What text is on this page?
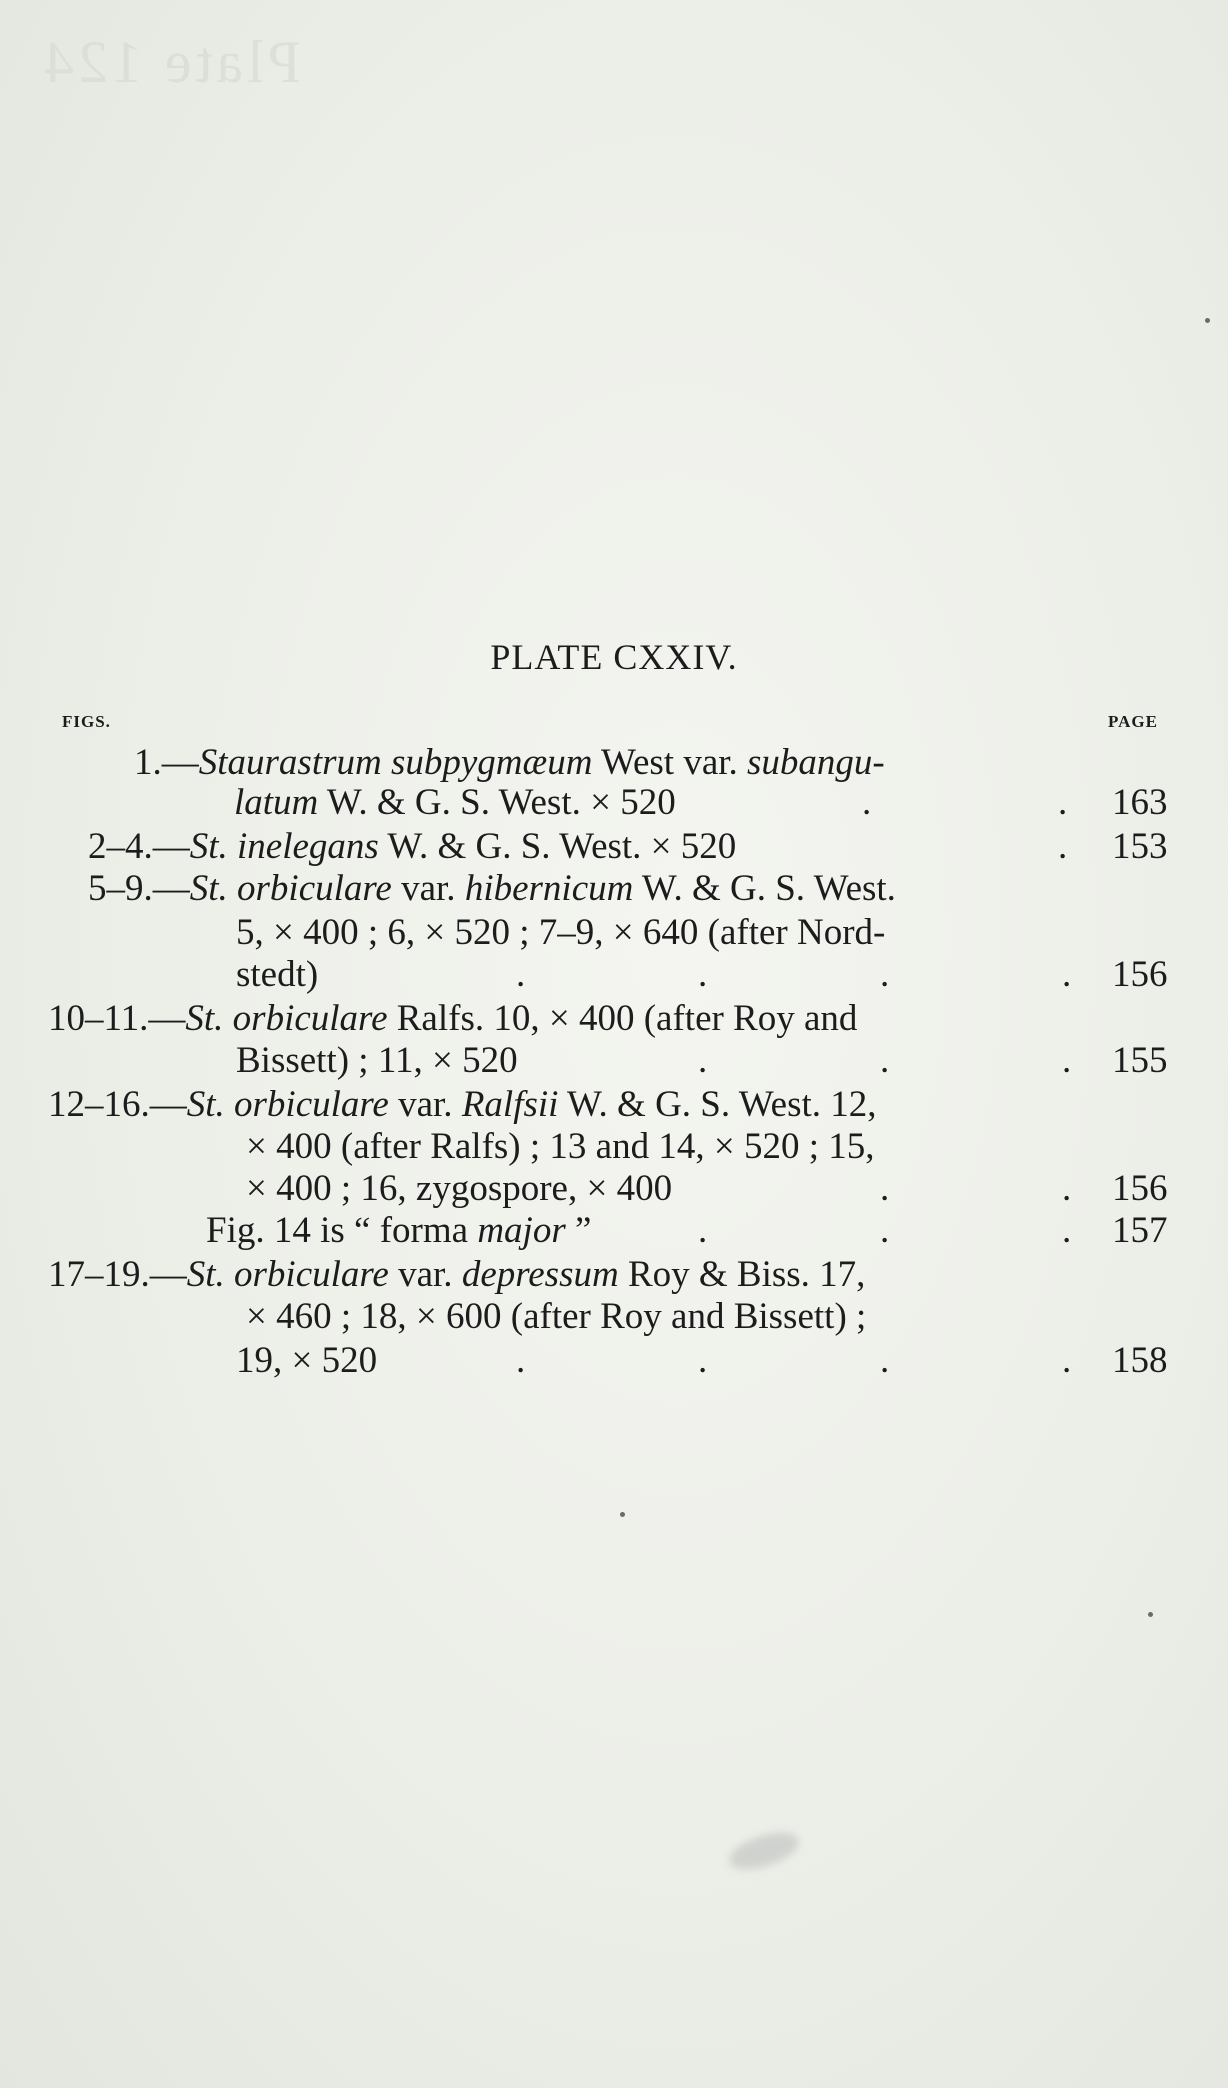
Plate 124
PLATE CXXIV.
FIGS.	PAGE
1.—Staurastrum subpygmæum West var. subangu-
latum W. & G. S. West. × 520	.	. 163
2–4.—St. inelegans W. & G. S. West. × 520	. 153
5–9.—St. orbiculare var. hibernicum W. & G. S. West.
5, × 400 ; 6, × 520 ; 7–9, × 640 (after Nord-
stedt)	.	.	.	. 156
10–11.—St. orbiculare Ralfs. 10, × 400 (after Roy and
Bissett) ; 11, × 520	.	.	. 155
12–16.—St. orbiculare var. Ralfsii W. & G. S. West. 12,
× 400 (after Ralfs) ; 13 and 14, × 520 ; 15,
× 400 ; 16, zygospore, × 400	.	. 156
Fig. 14 is “ forma major ”	.	.	. 157
17–19.—St. orbiculare var. depressum Roy & Biss. 17,
× 460 ; 18, × 600 (after Roy and Bissett) ;
19, × 520	.	.	.	. 158
